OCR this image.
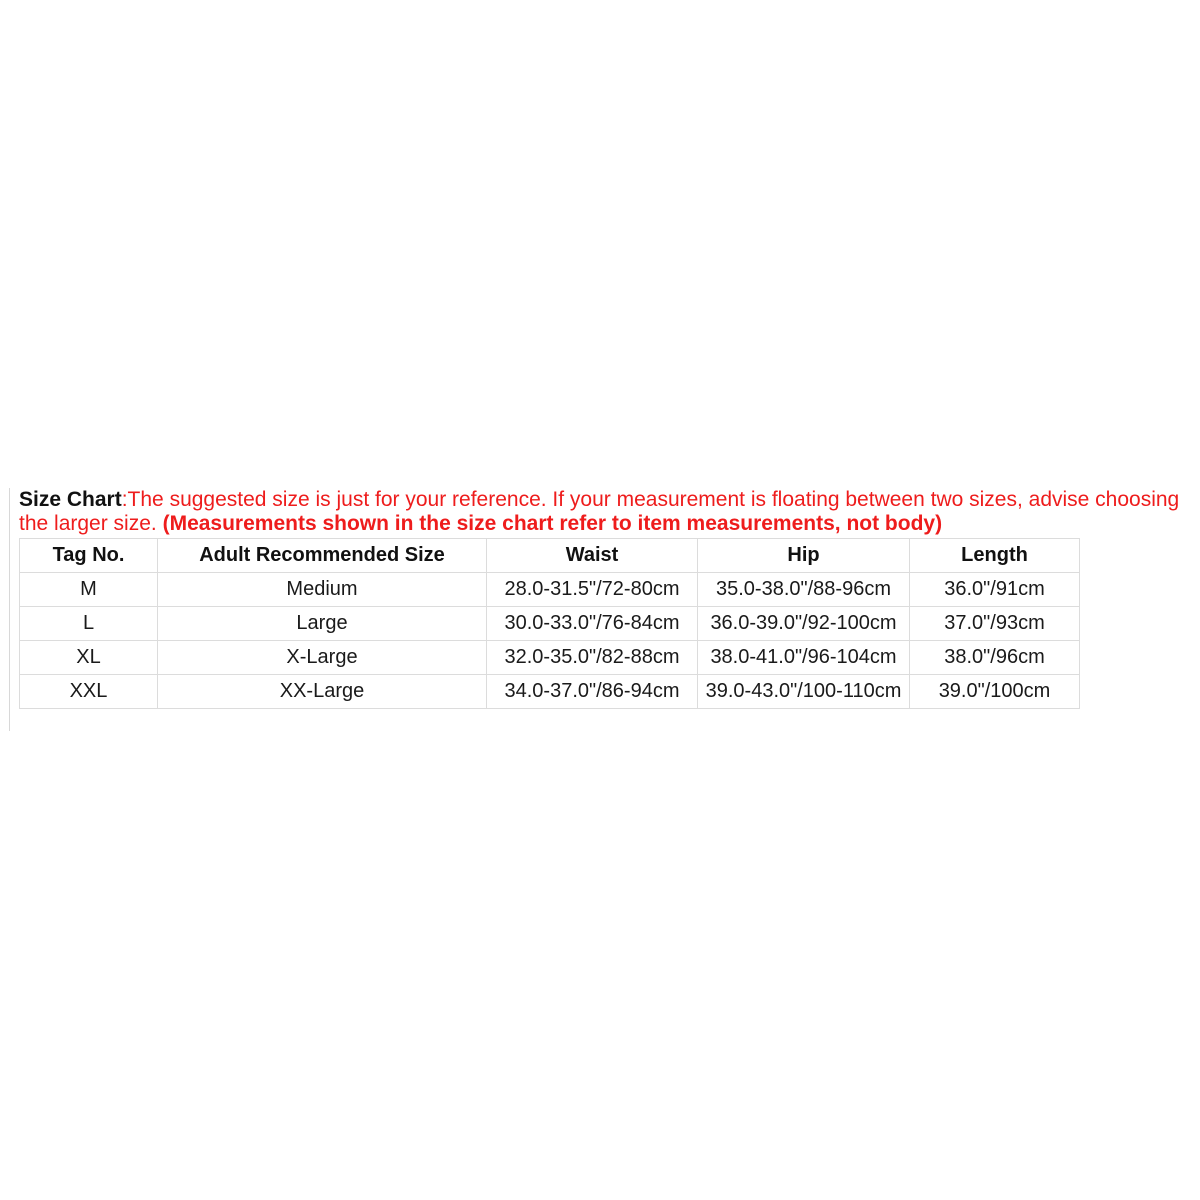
Size Chart:The suggested size is just for your reference. If your measurement is floating between two sizes, advise choosing the larger size. (Measurements shown in the size chart refer to item measurements, not body)

Tag No.	Adult Recommended Size	Waist	Hip	Length
M	Medium	28.0-31.5"/72-80cm	35.0-38.0"/88-96cm	36.0"/91cm
L	Large	30.0-33.0"/76-84cm	36.0-39.0"/92-100cm	37.0"/93cm
XL	X-Large	32.0-35.0"/82-88cm	38.0-41.0"/96-104cm	38.0"/96cm
XXL	XX-Large	34.0-37.0"/86-94cm	39.0-43.0"/100-110cm	39.0"/100cm
